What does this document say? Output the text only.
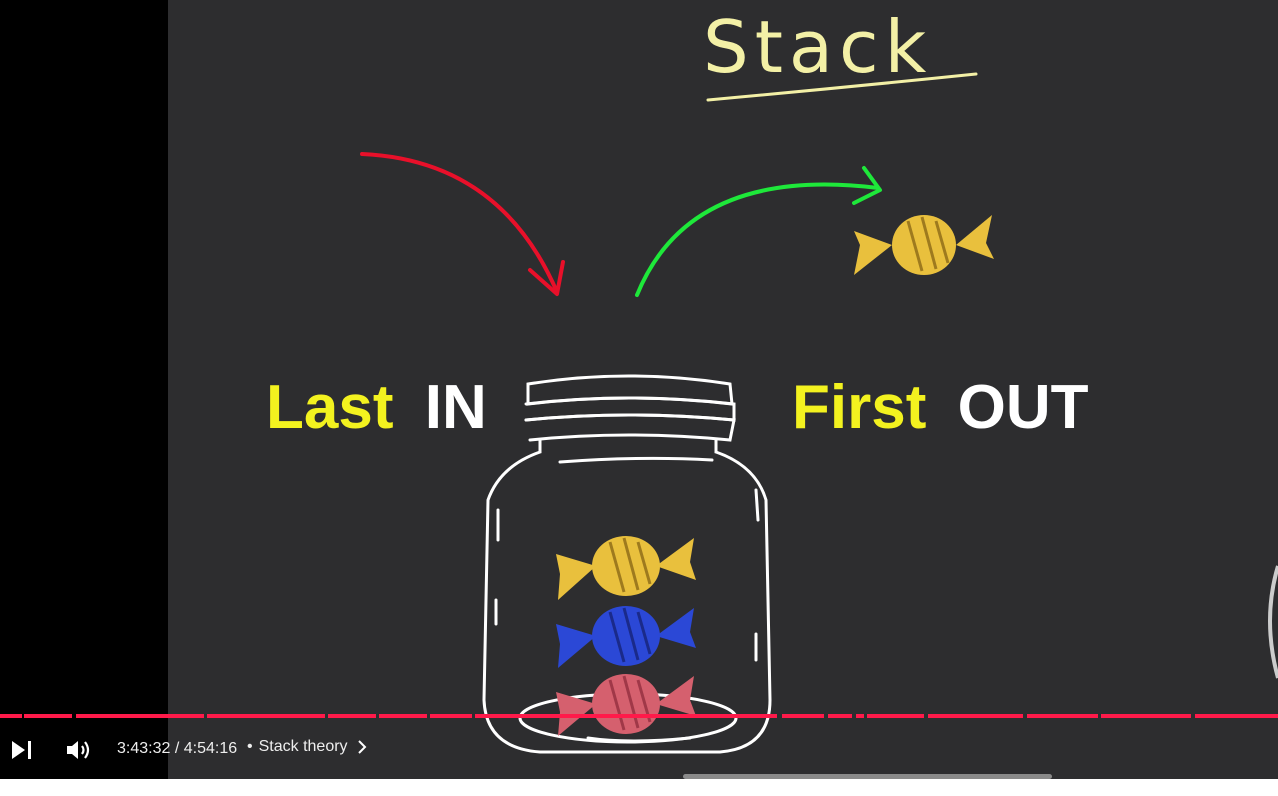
Stack
Last IN	First OUT
3:43:32 / 4:54:16 • Stack theory
